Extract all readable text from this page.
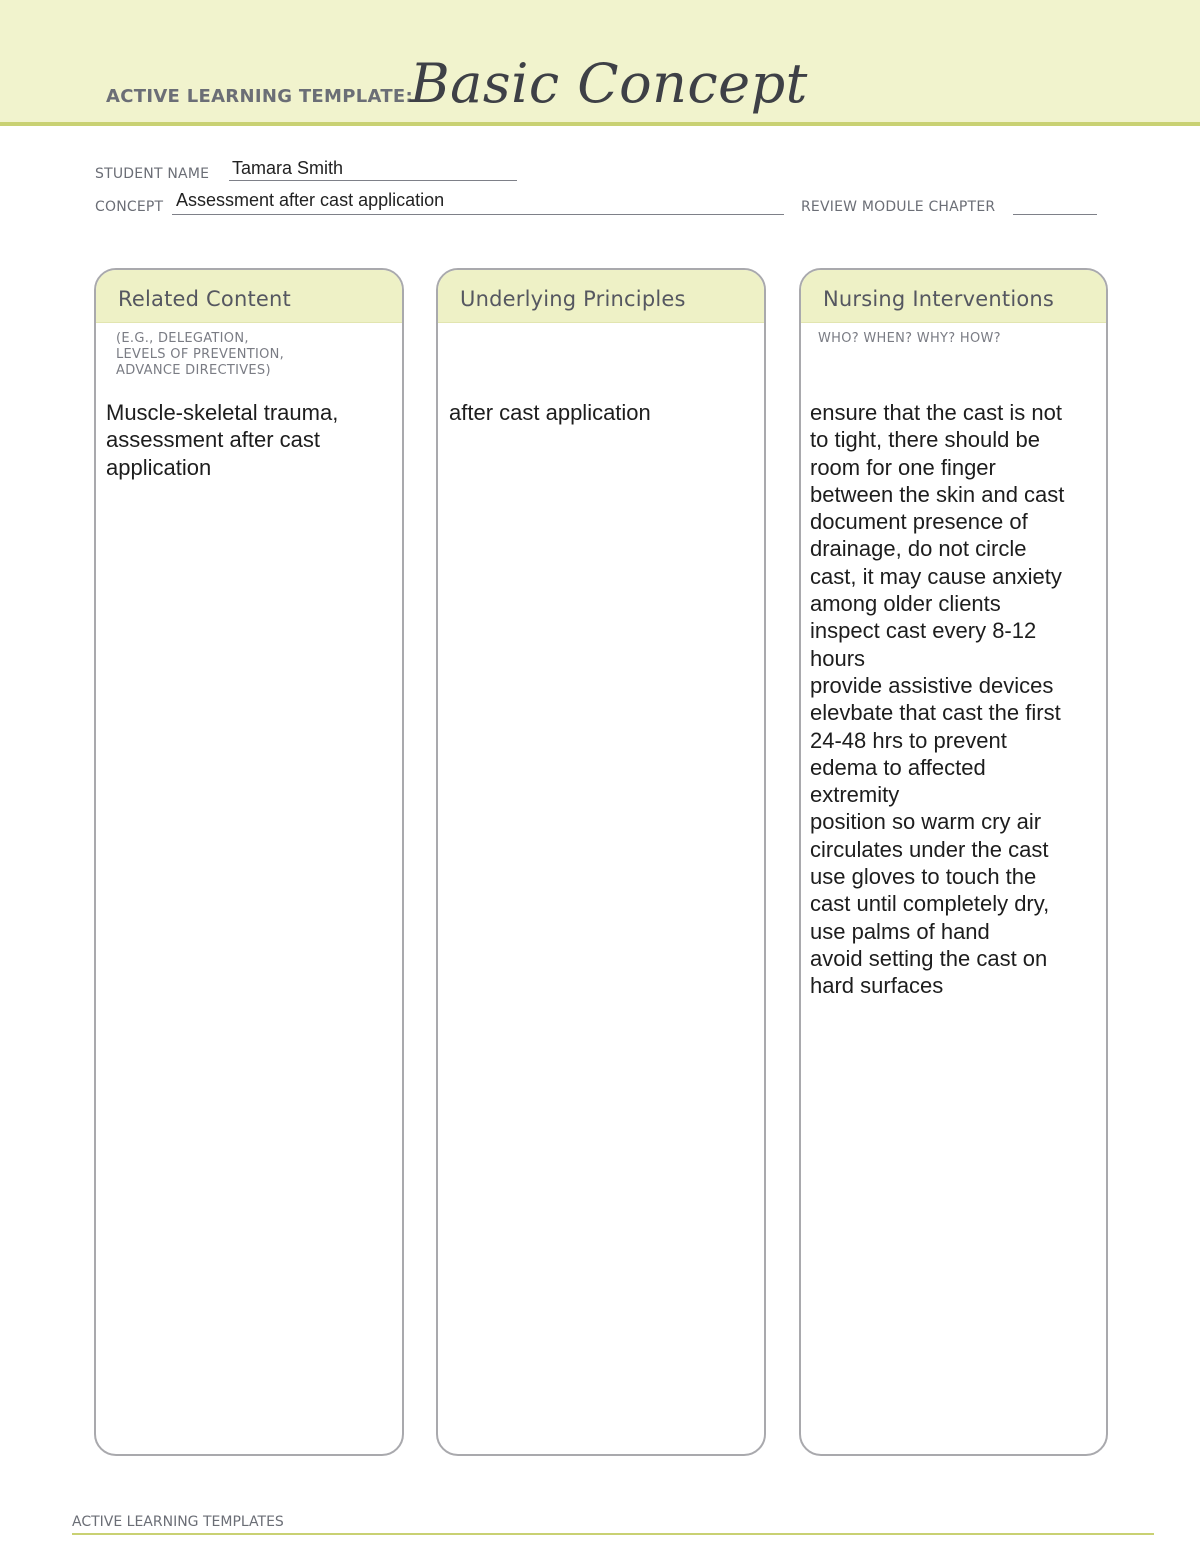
ACTIVE LEARNING TEMPLATE:
Basic Concept
STUDENT NAME Tamara Smith
CONCEPT Assessment after cast application	REVIEW MODULE CHAPTER
Related Content
(E.G., DELEGATION,
LEVELS OF PREVENTION,
ADVANCE DIRECTIVES)
Muscle-skeletal trauma,
assessment after cast
application
Underlying Principles
after cast application
Nursing Interventions
WHO? WHEN? WHY? HOW?
ensure that the cast is not
to tight, there should be
room for one finger
between the skin and cast
document presence of
drainage, do not circle
cast, it may cause anxiety
among older clients
inspect cast every 8-12
hours
provide assistive devices
elevbate that cast the first
24-48 hrs to prevent
edema to affected
extremity
position so warm cry air
circulates under the cast
use gloves to touch the
cast until completely dry,
use palms of hand
avoid setting the cast on
hard surfaces
ACTIVE LEARNING TEMPLATES
